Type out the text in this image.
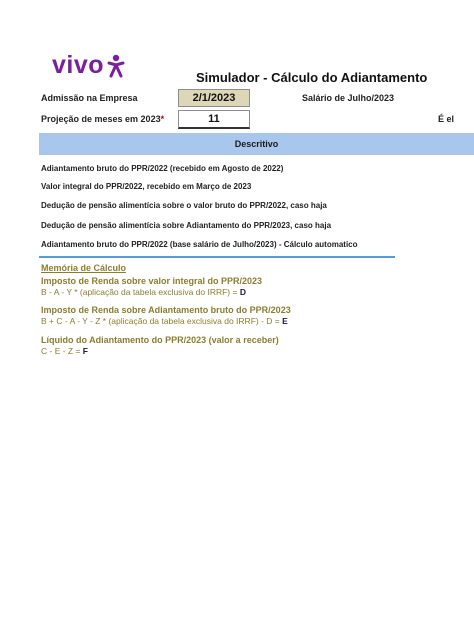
vivo	Simulador - Cálculo do Adiantamento
Admissão na Empresa	2/1/2023	Salário de Julho/2023
Projeção de meses em 2023*	11	É el
Descritivo
Adiantamento bruto do PPR/2022 (recebido em Agosto de 2022)
Valor integral do PPR/2022, recebido em Março de 2023
Dedução de pensão alimentícia sobre o valor bruto do PPR/2022, caso haja
Dedução de pensão alimentícia sobre Adiantamento do PPR/2023, caso haja
Adiantamento bruto do PPR/2022 (base salário de Julho/2023) - Cálculo automatico
Memória de Cálculo
Imposto de Renda sobre valor integral do PPR/2023
B - A - Y * (aplicação da tabela exclusiva do IRRF) = D
Imposto de Renda sobre Adiantamento bruto do PPR/2023
B + C - A - Y - Z * (aplicação da tabela exclusiva do IRRF) - D = E
Líquido do Adiantamento do PPR/2023 (valor a receber)
C - E - Z = F
